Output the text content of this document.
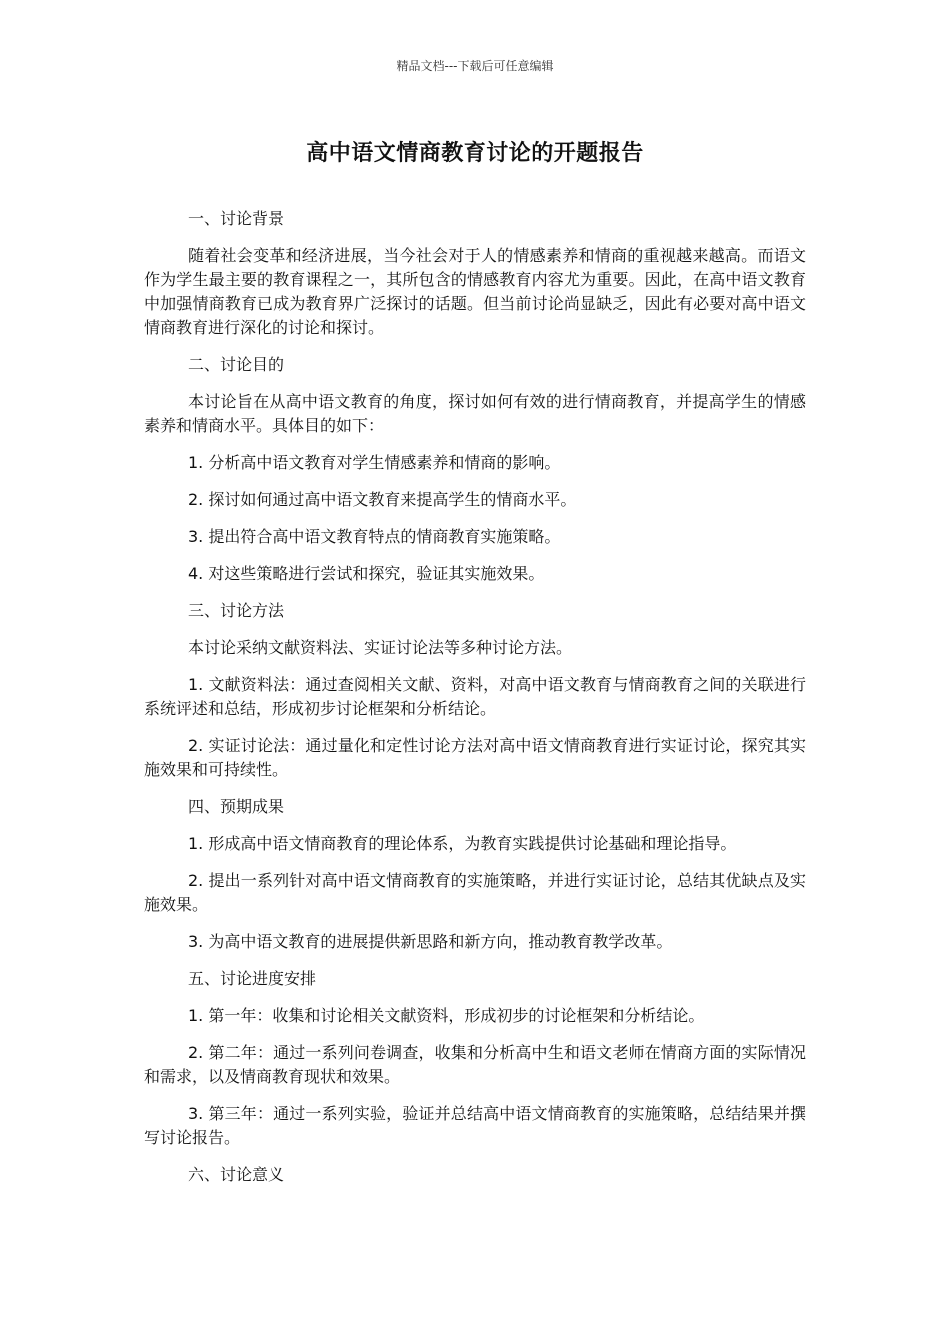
精品文档---下载后可任意编辑
高中语文情商教育讨论的开题报告

一、讨论背景

随着社会变革和经济进展，当今社会对于人的情感素养和情商的重视越来越高。而语文作为学生最主要的教育课程之一，其所包含的情感教育内容尤为重要。因此，在高中语文教育中加强情商教育已成为教育界广泛探讨的话题。但当前讨论尚显缺乏，因此有必要对高中语文情商教育进行深化的讨论和探讨。

二、讨论目的

本讨论旨在从高中语文教育的角度，探讨如何有效的进行情商教育，并提高学生的情感素养和情商水平。具体目的如下：

1. 分析高中语文教育对学生情感素养和情商的影响。

2. 探讨如何通过高中语文教育来提高学生的情商水平。

3. 提出符合高中语文教育特点的情商教育实施策略。

4. 对这些策略进行尝试和探究，验证其实施效果。

三、讨论方法

本讨论采纳文献资料法、实证讨论法等多种讨论方法。

1. 文献资料法：通过查阅相关文献、资料，对高中语文教育与情商教育之间的关联进行系统评述和总结，形成初步讨论框架和分析结论。

2. 实证讨论法：通过量化和定性讨论方法对高中语文情商教育进行实证讨论，探究其实施效果和可持续性。

四、预期成果

1. 形成高中语文情商教育的理论体系，为教育实践提供讨论基础和理论指导。

2. 提出一系列针对高中语文情商教育的实施策略，并进行实证讨论，总结其优缺点及实施效果。

3. 为高中语文教育的进展提供新思路和新方向，推动教育教学改革。

五、讨论进度安排

1. 第一年：收集和讨论相关文献资料，形成初步的讨论框架和分析结论。

2. 第二年：通过一系列问卷调查，收集和分析高中生和语文老师在情商方面的实际情况和需求，以及情商教育现状和效果。

3. 第三年：通过一系列实验，验证并总结高中语文情商教育的实施策略，总结结果并撰写讨论报告。

六、讨论意义
